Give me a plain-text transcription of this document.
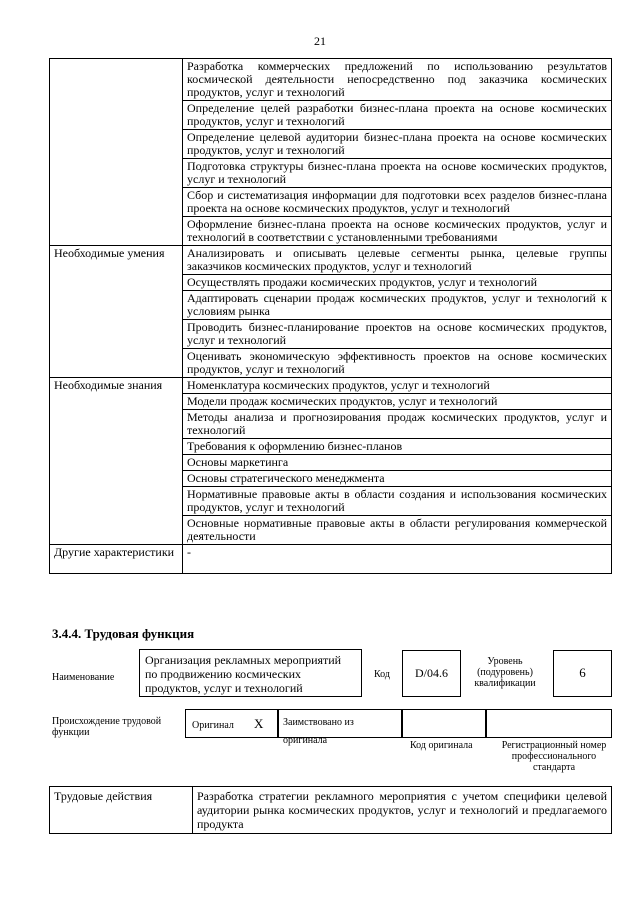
21
	Разработка коммерческих предложений по использованию результатов космической деятельности непосредственно под заказчика космических продуктов, услуг и технологий
	Определение целей разработки бизнес-плана проекта на основе космических продуктов, услуг и технологий
	Определение целевой аудитории бизнес-плана проекта на основе космических продуктов, услуг и технологий
	Подготовка структуры бизнес-плана проекта на основе космических продуктов, услуг и технологий
	Сбор и систематизация информации для подготовки всех разделов бизнес-плана проекта на основе космических продуктов, услуг и технологий
	Оформление бизнес-плана проекта на основе космических продуктов, услуг и технологий в соответствии с установленными требованиями
Необходимые умения	Анализировать и описывать целевые сегменты рынка, целевые группы заказчиков космических продуктов, услуг и технологий
	Осуществлять продажи космических продуктов, услуг и технологий
	Адаптировать сценарии продаж космических продуктов, услуг и технологий к условиям рынка
	Проводить бизнес-планирование проектов на основе космических продуктов, услуг и технологий
	Оценивать экономическую эффективность проектов на основе космических продуктов, услуг и технологий
Необходимые знания	Номенклатура космических продуктов, услуг и технологий
	Модели продаж космических продуктов, услуг и технологий
	Методы анализа и прогнозирования продаж космических продуктов, услуг и технологий
	Требования к оформлению бизнес-планов
	Основы маркетинга
	Основы стратегического менеджмента
	Нормативные правовые акты в области создания и использования космических продуктов, услуг и технологий
	Основные нормативные правовые акты в области регулирования коммерческой деятельности
Другие характеристики	-
3.4.4. Трудовая функция
Наименование
Организация рекламных мероприятий по продвижению космических продуктов, услуг и технологий
Код D/04.6
Уровень (подуровень) квалификации
6
Происхождение трудовой функции
Оригинал X	Заимствовано из оригинала	Код оригинала	Регистрационный номер профессионального стандарта
Трудовые действия	Разработка стратегии рекламного мероприятия с учетом специфики целевой аудитории рынка космических продуктов, услуг и технологий и предлагаемого продукта
